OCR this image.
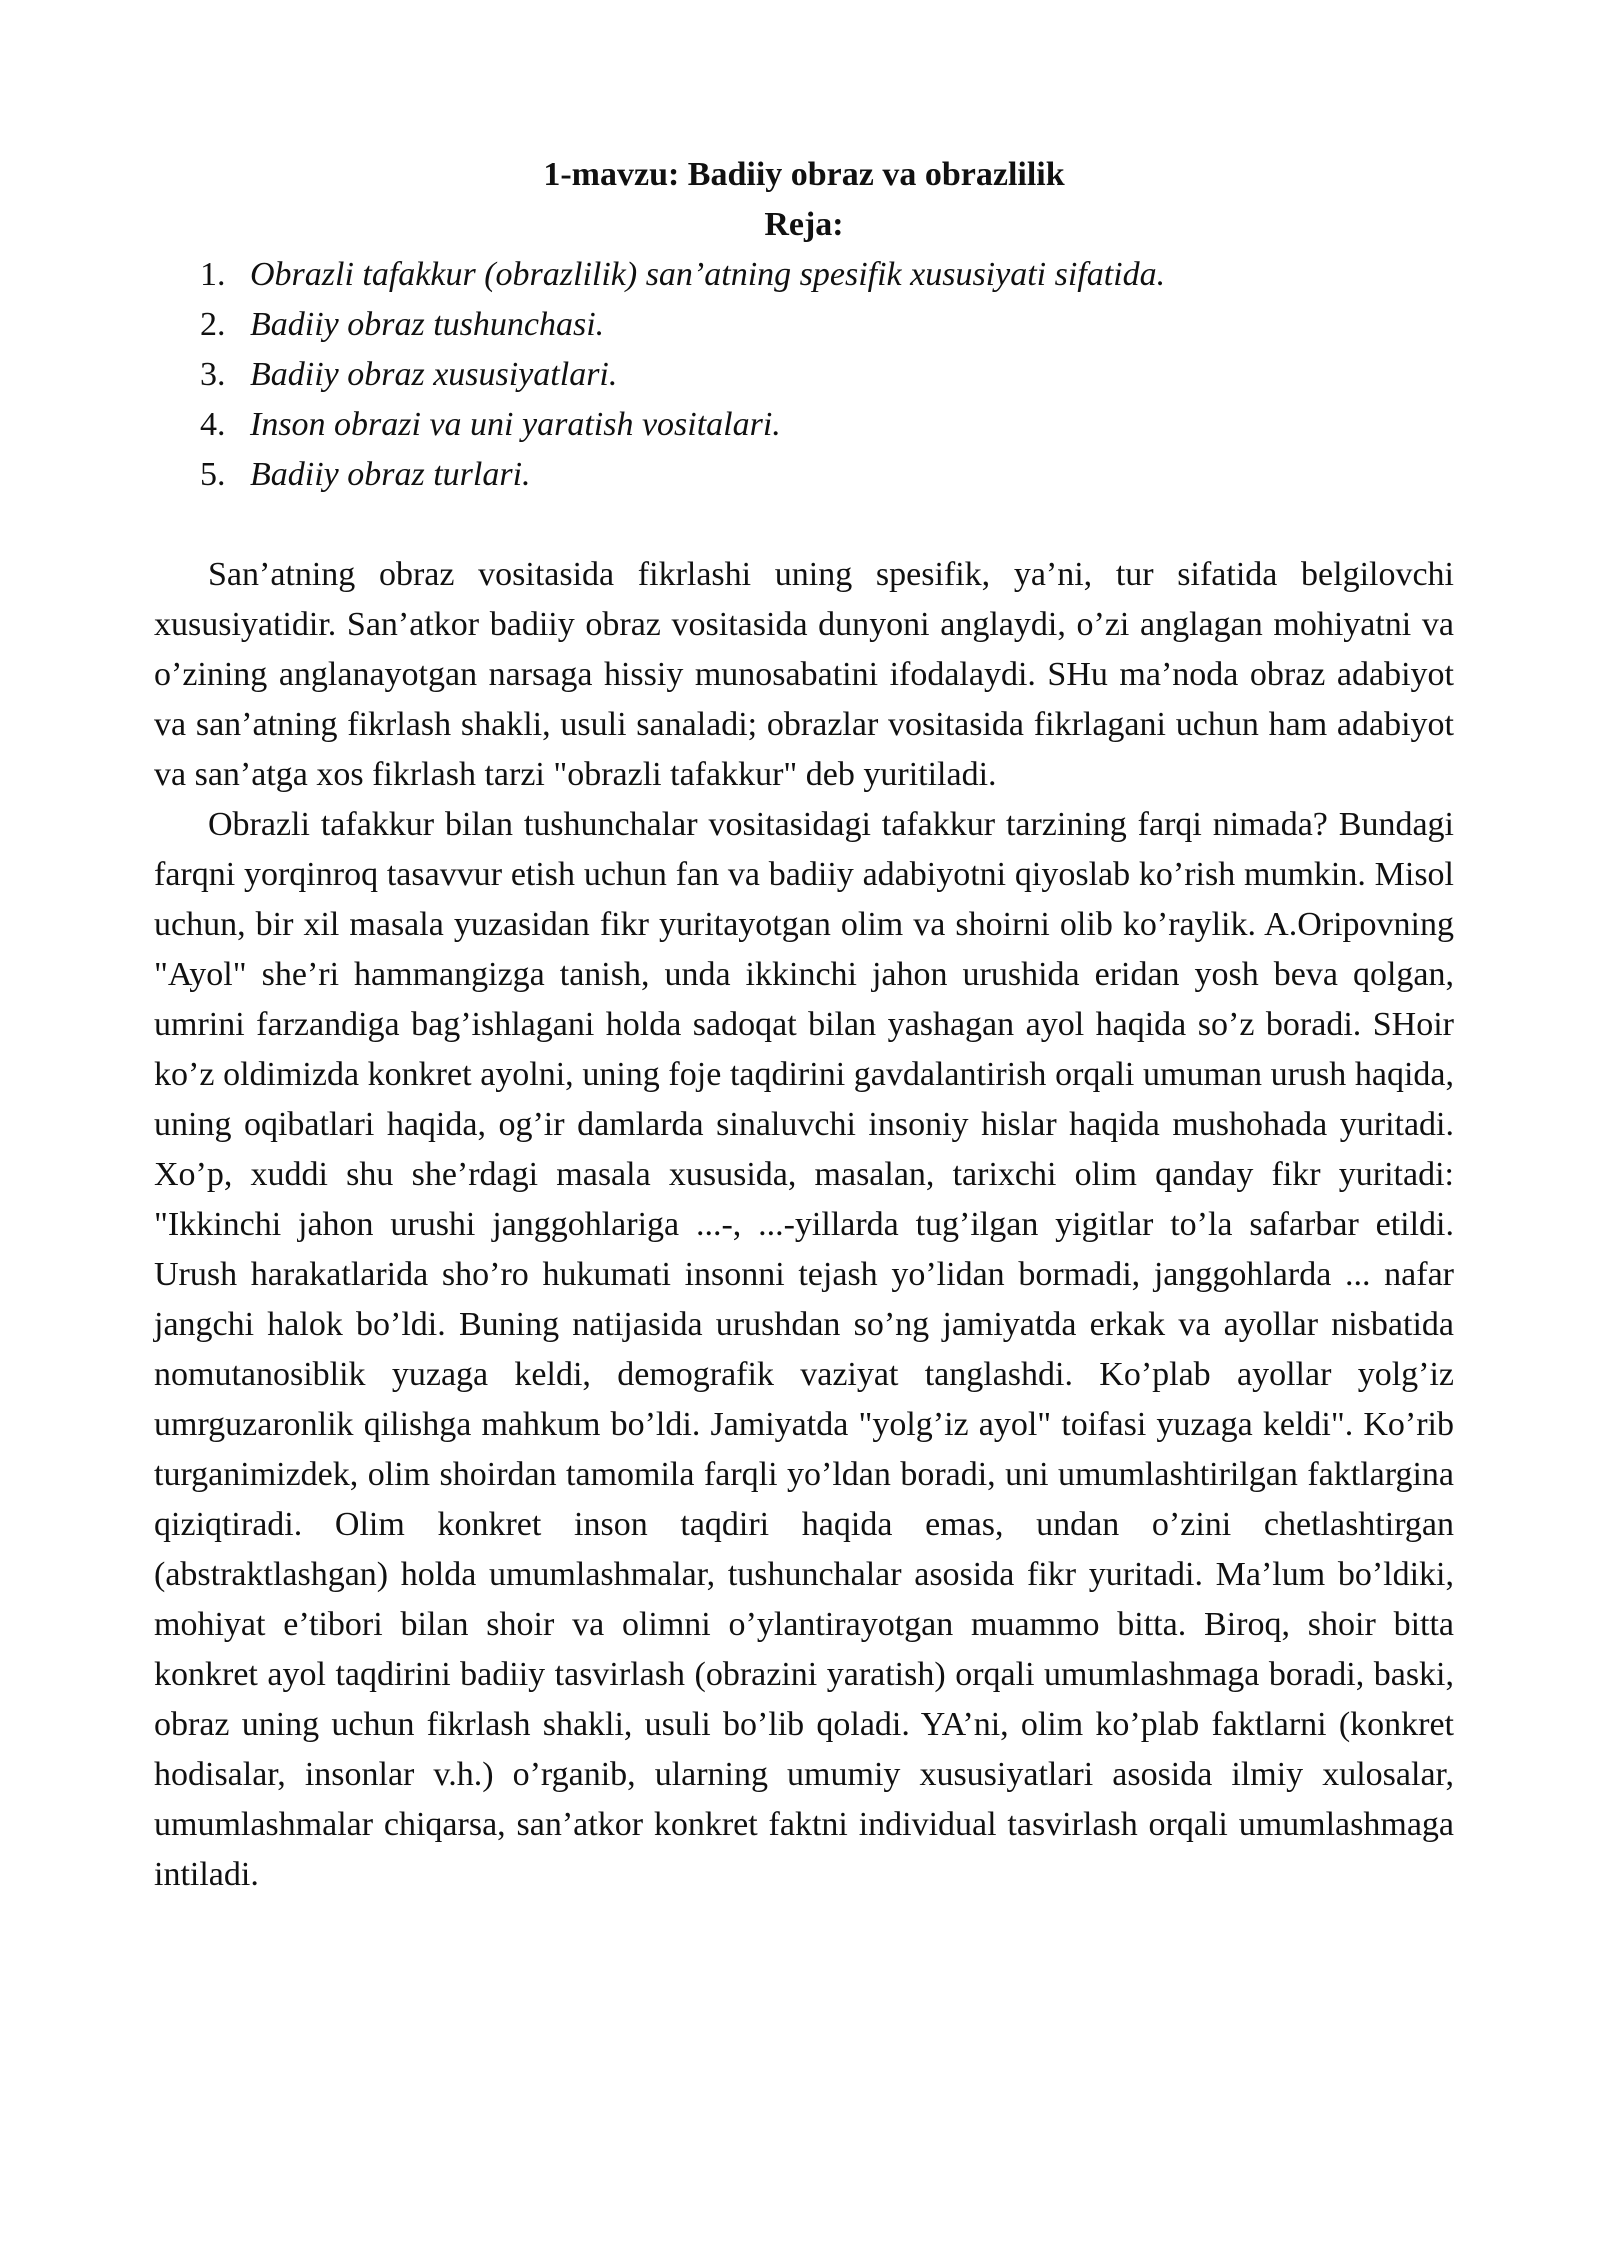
1-mavzu: Badiiy obraz va obrazlilik
Reja:
1. Obrazli tafakkur (obrazlilik) san’atning spesifik xususiyati sifatida.
2. Badiiy obraz tushunchasi.
3. Badiiy obraz xususiyatlari.
4. Inson obrazi va uni yaratish vositalari.
5. Badiiy obraz turlari.

San’atning obraz vositasida fikrlashi uning spesifik, ya’ni, tur sifatida belgilovchi xususiyatidir. San’atkor badiiy obraz vositasida dunyoni anglaydi, o’zi anglagan mohiyatni va o’zining anglanayotgan narsaga hissiy munosabatini ifodalaydi. SHu ma’noda obraz adabiyot va san’atning fikrlash shakli, usuli sanaladi; obrazlar vositasida fikrlagani uchun ham adabiyot va san’atga xos fikrlash tarzi "obrazli tafakkur" deb yuritiladi.

Obrazli tafakkur bilan tushunchalar vositasidagi tafakkur tarzining farqi nimada? Bundagi farqni yorqinroq tasavvur etish uchun fan va badiiy adabiyotni qiyoslab ko’rish mumkin. Misol uchun, bir xil masala yuzasidan fikr yuritayotgan olim va shoirni olib ko’raylik. A.Oripovning "Ayol" she’ri hammangizga tanish, unda ikkinchi jahon urushida eridan yosh beva qolgan, umrini farzandiga bag’ishlagani holda sadoqat bilan yashagan ayol haqida so’z boradi. SHoir ko’z oldimizda konkret ayolni, uning foje taqdirini gavdalantirish orqali umuman urush haqida, uning oqibatlari haqida, og’ir damlarda sinaluvchi insoniy hislar haqida mushohada yuritadi. Xo’p, xuddi shu she’rdagi masala xususida, masalan, tarixchi olim qanday fikr yuritadi: "Ikkinchi jahon urushi janggohlariga ...-, ...-yillarda tug’ilgan yigitlar to’la safarbar etildi. Urush harakatlarida sho’ro hukumati insonni tejash yo’lidan bormadi, janggohlarda ... nafar jangchi halok bo’ldi. Buning natijasida urushdan so’ng jamiyatda erkak va ayollar nisbatida nomutanosiblik yuzaga keldi, demografik vaziyat tanglashdi. Ko’plab ayollar yolg’iz umrguzaronlik qilishga mahkum bo’ldi. Jamiyatda "yolg’iz ayol" toifasi yuzaga keldi". Ko’rib turganimizdek, olim shoirdan tamomila farqli yo’ldan boradi, uni umumlashtirilgan faktlargina qiziqtiradi. Olim konkret inson taqdiri haqida emas, undan o’zini chetlashtirgan (abstraktlashgan) holda umumlashmalar, tushunchalar asosida fikr yuritadi. Ma’lum bo’ldiki, mohiyat e’tibori bilan shoir va olimni o’ylantirayotgan muammo bitta. Biroq, shoir bitta konkret ayol taqdirini badiiy tasvirlash (obrazini yaratish) orqali umumlashmaga boradi, baski, obraz uning uchun fikrlash shakli, usuli bo’lib qoladi. YA’ni, olim ko’plab faktlarni (konkret hodisalar, insonlar v.h.) o’rganib, ularning umumiy xususiyatlari asosida ilmiy xulosalar, umumlashmalar chiqarsa, san’atkor konkret faktni individual tasvirlash orqali umumlashmaga intiladi.
